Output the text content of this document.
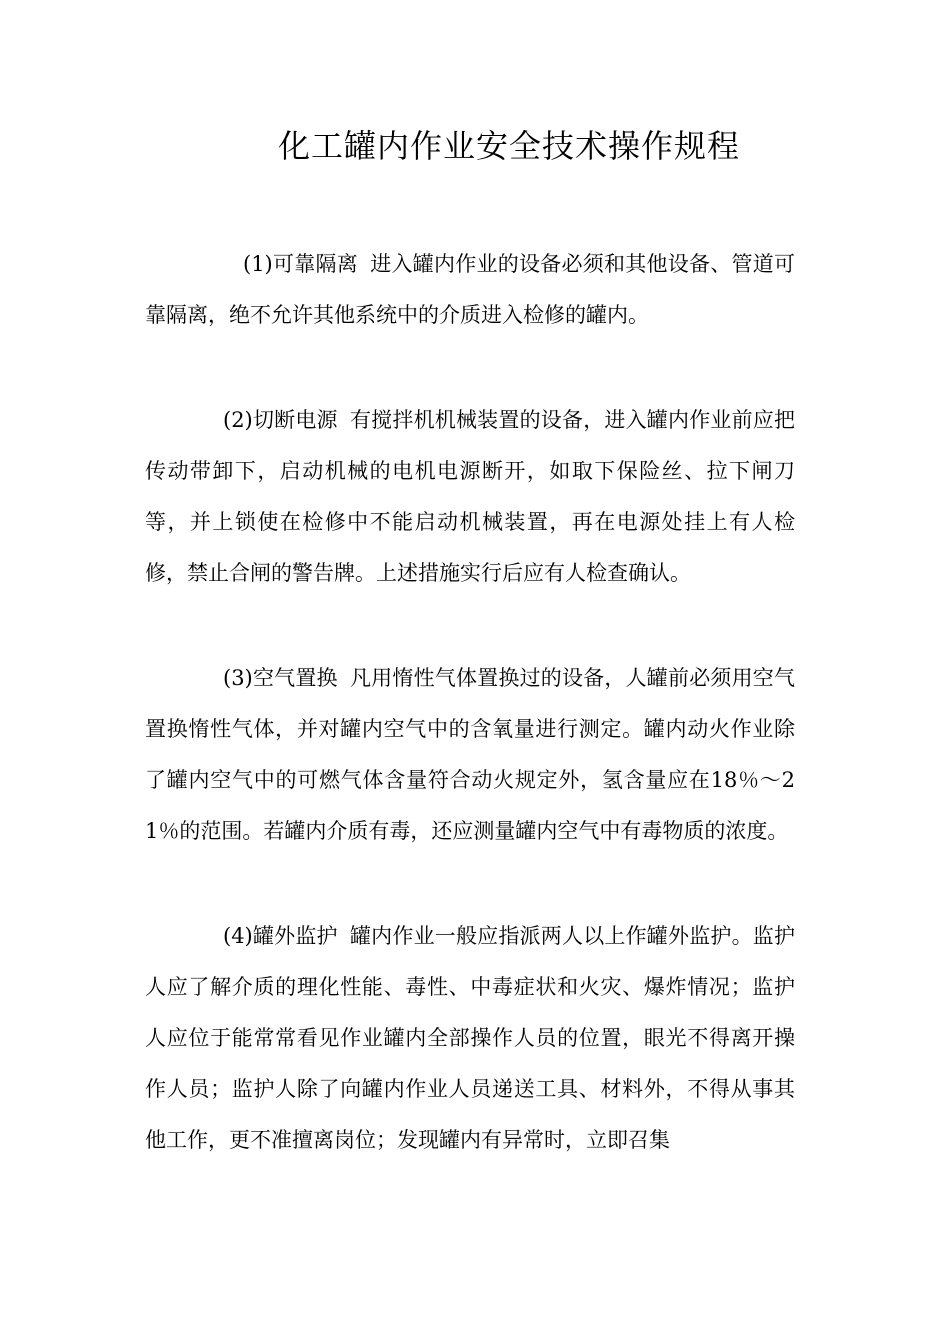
化工罐内作业安全技术操作规程

(1)可靠隔离 进入罐内作业的设备必须和其他设备、管道可靠隔离，绝不允许其他系统中的介质进入检修的罐内。

(2)切断电源 有搅拌机机械装置的设备，进入罐内作业前应把传动带卸下，启动机械的电机电源断开，如取下保险丝、拉下闸刀等，并上锁使在检修中不能启动机械装置，再在电源处挂上有人检修，禁止合闸的警告牌。上述措施实行后应有人检查确认。

(3)空气置换 凡用惰性气体置换过的设备，人罐前必须用空气置换惰性气体，并对罐内空气中的含氧量进行测定。罐内动火作业除了罐内空气中的可燃气体含量符合动火规定外，氢含量应在18％～21％的范围。若罐内介质有毒，还应测量罐内空气中有毒物质的浓度。

(4)罐外监护 罐内作业一般应指派两人以上作罐外监护。监护人应了解介质的理化性能、毒性、中毒症状和火灾、爆炸情况；监护人应位于能常常看见作业罐内全部操作人员的位置，眼光不得离开操作人员；监护人除了向罐内作业人员递送工具、材料外，不得从事其他工作，更不准擅离岗位；发现罐内有异常时，立即召集
